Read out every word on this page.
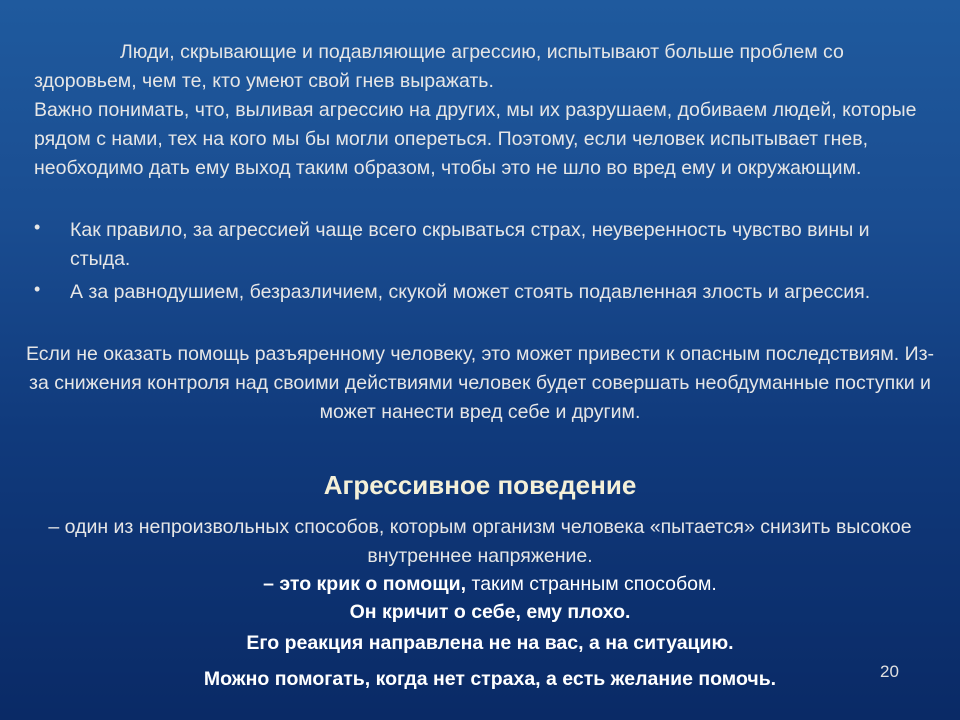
Люди, скрывающие и подавляющие агрессию, испытывают больше проблем со здоровьем, чем те, кто умеют свой гнев выражать.
Важно понимать, что, выливая агрессию на других, мы их разрушаем, добиваем людей, которые рядом с нами, тех на кого мы бы могли опереться. Поэтому, если человек испытывает гнев, необходимо дать ему выход таким образом, чтобы это не шло во вред ему и окружающим.

• Как правило, за агрессией чаще всего скрываться страх, неуверенность чувство вины и стыда.
• А за равнодушием, безразличием, скукой может стоять подавленная злость и агрессия.

Если не оказать помощь разъяренному человеку, это может привести к опасным последствиям. Из-за снижения контроля над своими действиями человек будет совершать необдуманные поступки и может нанести вред себе и другим.

Агрессивное поведение

– один из непроизвольных способов, которым организм человека «пытается» снизить высокое внутреннее напряжение.

– это крик о помощи, таким странным способом.

Он кричит о себе, ему плохо.

Его реакция направлена не на вас, а на ситуацию.

Можно помогать, когда нет страха, а есть желание помочь.	20
